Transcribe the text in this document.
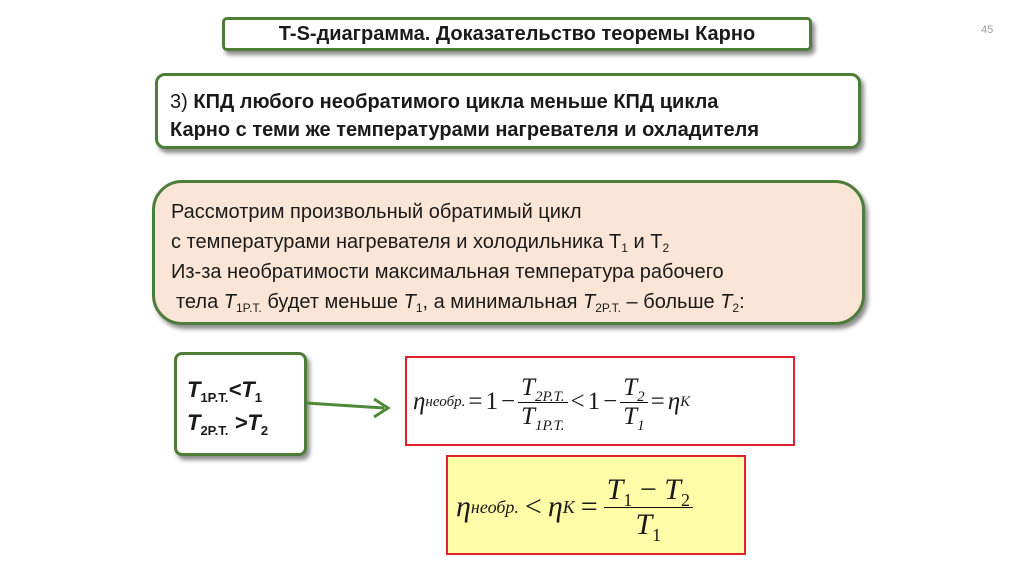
45
T-S-диаграмма. Доказательство теоремы Карно
3) КПД любого необратимого цикла меньше КПД цикла
Карно с теми же температурами нагревателя и охладителя
Рассмотрим произвольный обратимый цикл
с температурами нагревателя и холодильника $T_1$ и $T_2$
Из-за необратимости максимальная температура рабочего
тела $T_{1P.T.}$ будет меньше $T_1$, а минимальная $T_{2P.T.}$ – больше $T_2$:
$T_{1P.T.}<T_1$
$T_{2P.T.} >T_2$
η необр. = $1 - \frac{T_{2P.T.}}{T_{1P.T.}} < 1 - \frac{T_2}{T_1} = \eta$ K
η необр. < η $K = \frac{T_1 - T_2}{T_1}$
